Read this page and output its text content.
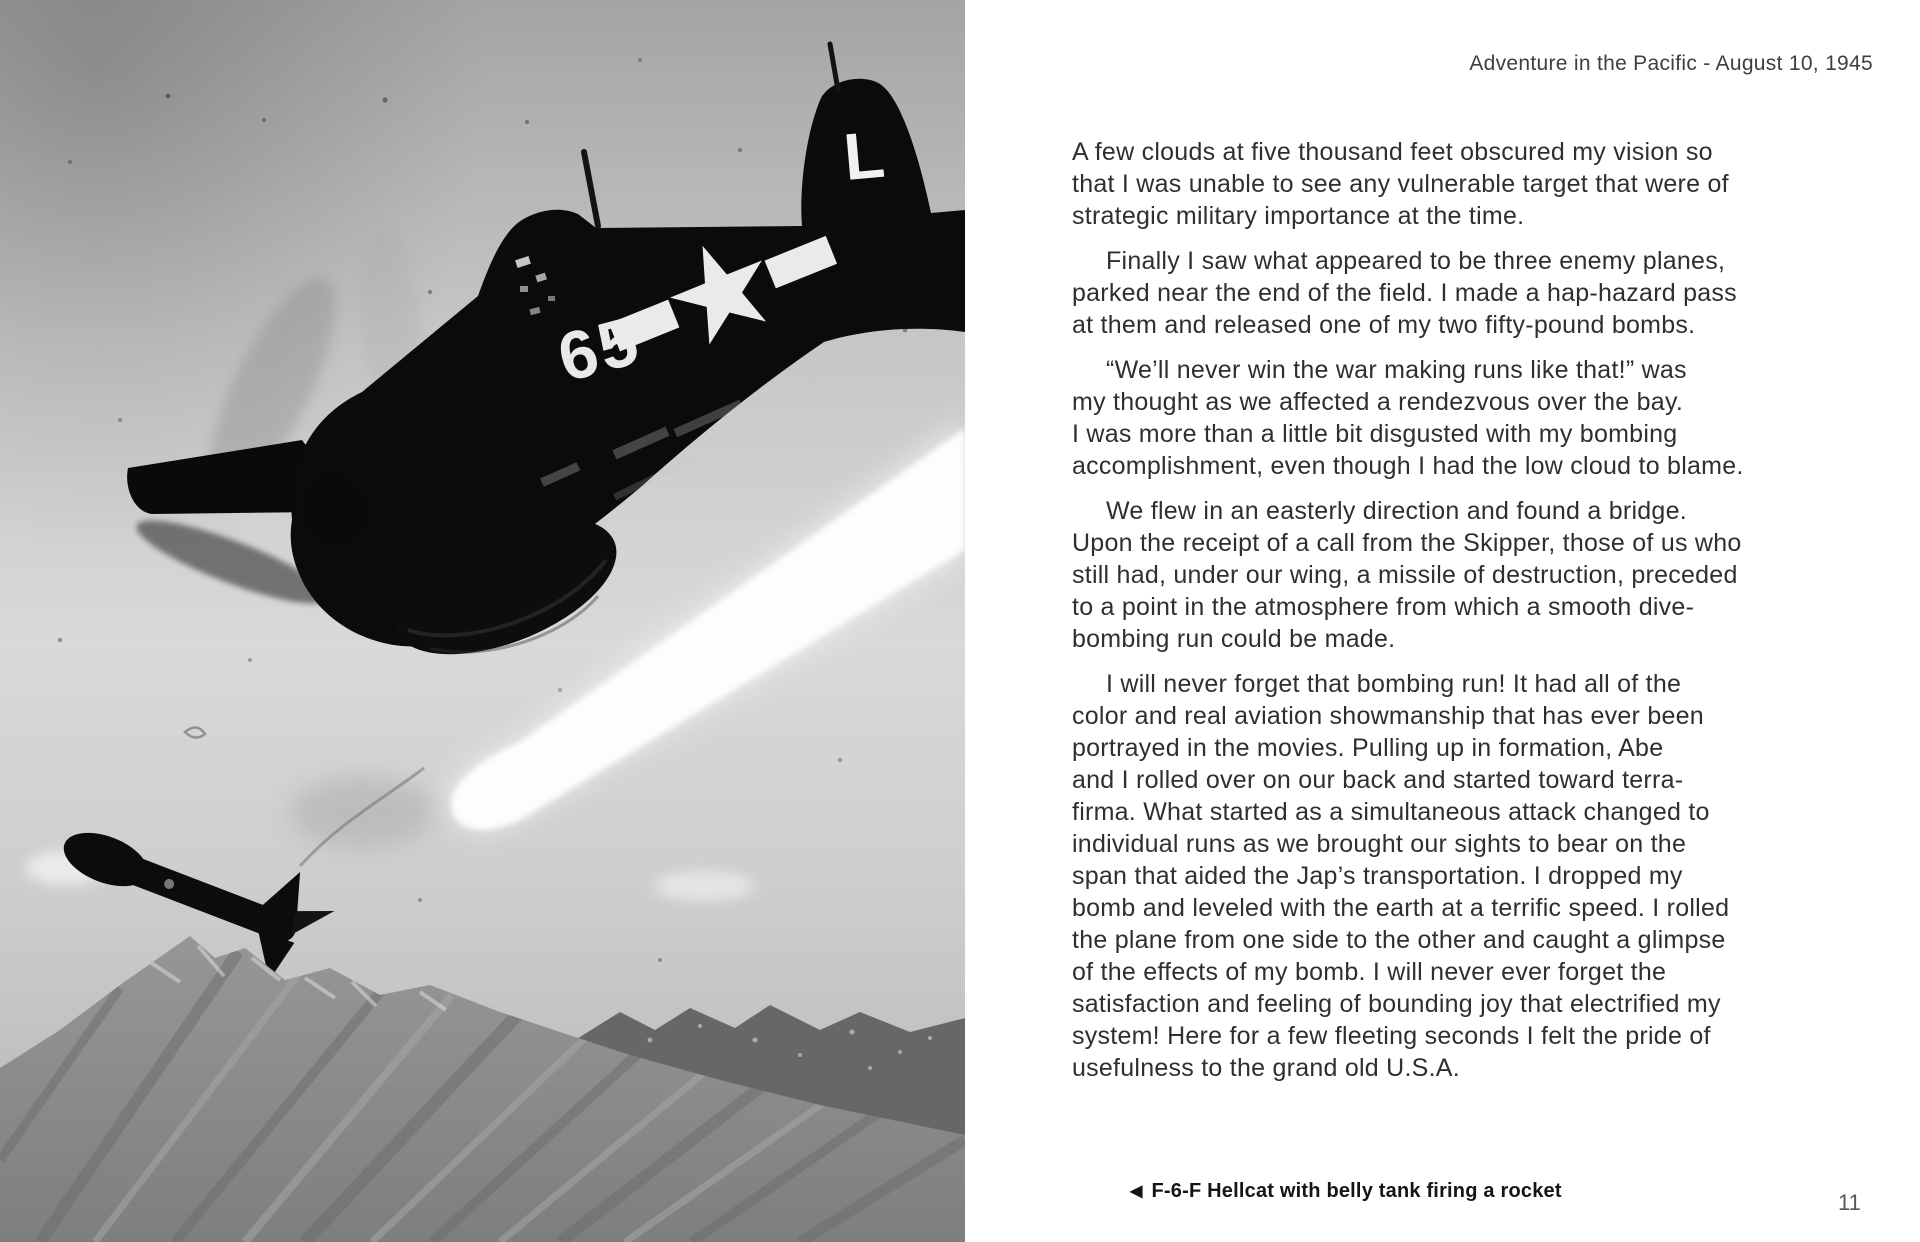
Adventure in the Pacific - August 10, 1945
A few clouds at five thousand feet obscured my vision so
that I was unable to see any vulnerable target that were of
strategic military importance at the time.
Finally I saw what appeared to be three enemy planes,
parked near the end of the field. I made a hap-hazard pass
at them and released one of my two fifty-pound bombs.
“We’ll never win the war making runs like that!” was
my thought as we affected a rendezvous over the bay.
I was more than a little bit disgusted with my bombing
accomplishment, even though I had the low cloud to blame.
We flew in an easterly direction and found a bridge.
Upon the receipt of a call from the Skipper, those of us who
still had, under our wing, a missile of destruction, preceded
to a point in the atmosphere from which a smooth dive-
bombing run could be made.
I will never forget that bombing run! It had all of the
color and real aviation showmanship that has ever been
portrayed in the movies. Pulling up in formation, Abe
and I rolled over on our back and started toward terra-
firma. What started as a simultaneous attack changed to
individual runs as we brought our sights to bear on the
span that aided the Jap’s transportation. I dropped my
bomb and leveled with the earth at a terrific speed. I rolled
the plane from one side to the other and caught a glimpse
of the effects of my bomb. I will never ever forget the
satisfaction and feeling of bounding joy that electrified my
system! Here for a few fleeting seconds I felt the pride of
usefulness to the grand old U.S.A.
◀ F-6-F Hellcat with belly tank firing a rocket	11
